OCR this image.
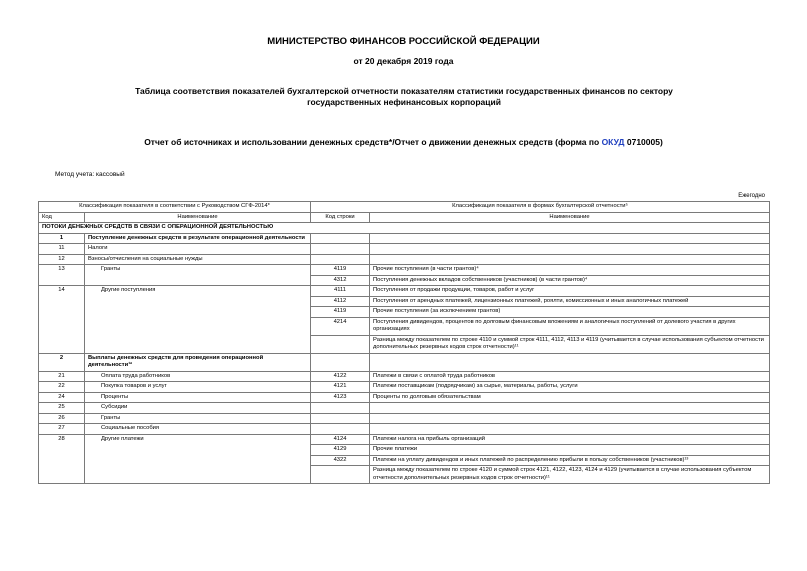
МИНИСТЕРСТВО ФИНАНСОВ РОССИЙСКОЙ ФЕДЕРАЦИИ
от 20 декабря 2019 года
Таблица соответствия показателей бухгалтерской отчетности показателям статистики государственных финансов по сектору государственных нефинансовых корпораций
Отчет об источниках и использовании денежных средств*/Отчет о движении денежных средств (форма по ОКУД 0710005)
Метод учета: кассовый
Ежегодно
Классификация показателя в соответствии с Руководством СГФ-2014*		Классификация показателя в формах бухгалтерской отчетности⁵	
Код	Наименование	Код строки	Наименование
ПОТОКИ ДЕНЕЖНЫХ СРЕДСТВ В СВЯЗИ С ОПЕРАЦИОННОЙ ДЕЯТЕЛЬНОСТЬЮ			
1	Поступление денежных средств в результате операционной деятельности		
11	Налоги		
12	Взносы/отчисления на социальные нужды		
13	Гранты	4119	Прочие поступления (в части грантов)⁴
		4312	Поступления денежных вкладов собственников (участников) (в части грантов)⁴
14	Другие поступления	4111	Поступления от продажи продукции, товаров, работ и услуг
		4112	Поступления от арендных платежей, лицензионных платежей, роялти, комиссионных и иных аналогичных платежей
		4119	Прочие поступления (за исключением грантов)
		4214	Поступления дивидендов, процентов по долговым финансовым вложениям и аналогичных поступлений от долевого участия в других организациях
			Разница между показателем по строке 4110 и суммой строк 4111, 4112, 4113 и 4119 (учитывается в случае использования субъектом отчетности дополнительных резервных кодов строк отчетности)¹¹
2	Выплаты денежных средств для проведения операционной деятельности¹²		
21	Оплата труда работников	4122	Платежи в связи с оплатой труда работников
22	Покупка товаров и услуг	4121	Платежи поставщикам (подрядчикам) за сырье, материалы, работы, услуги
24	Проценты	4123	Проценты по долговым обязательствам
25	Субсидии		
26	Гранты		
27	Социальные пособия		
28	Другие платежи	4124	Платежи налога на прибыль организаций
		4129	Прочие платежи
		4322	Платежи на уплату дивидендов и иных платежей по распределению прибыли в пользу собственников (участников)¹³
			Разница между показателем по строке 4120 и суммой строк 4121, 4122, 4123, 4124 и 4129 (учитывается в случае использования субъектом отчетности дополнительных резервных кодов строк отчетности)¹¹
